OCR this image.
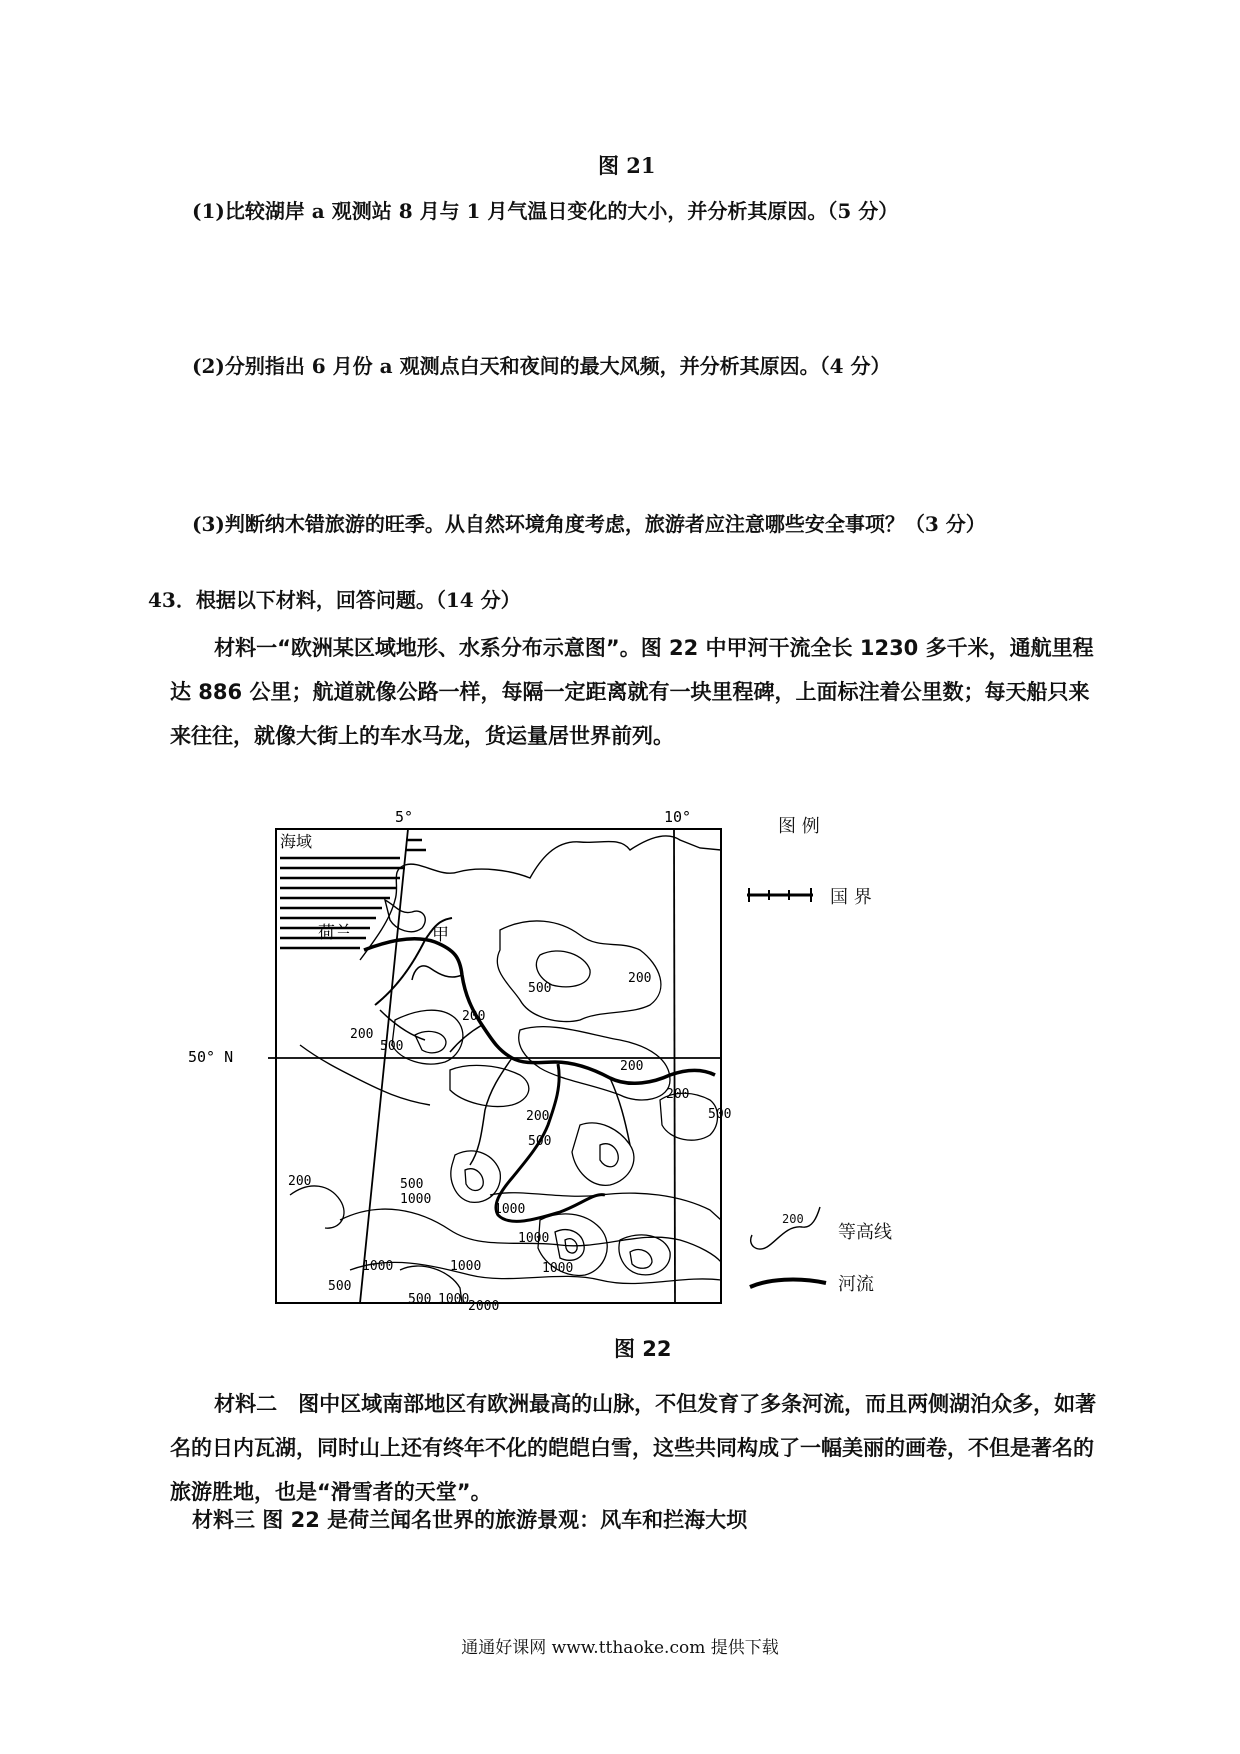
图 21
(1)比较湖岸 a 观测站 8 月与 1 月气温日变化的大小，并分析其原因。（5 分）
(2)分别指出 6 月份 a 观测点白天和夜间的最大风频，并分析其原因。（4 分）
(3)判断纳木错旅游的旺季。从自然环境角度考虑，旅游者应注意哪些安全事项？（3 分）
43．根据以下材料，回答问题。（14 分）
材料一“欧洲某区域地形、水系分布示意图”。图 22 中甲河干流全长 1230 多千米，通航里程达 886 公里；航道就像公路一样，每隔一定距离就有一块里程碑，上面标注着公里数；每天船只来来往往，就像大街上的车水马龙，货运量居世界前列。
海域
荷兰	甲
5°	10°
50° N
200
500
200
200
500
200
500
200
500
200	500
1000
1000
1000
500
1000	1000
500 1000
2000
1000
200
图 例
国 界
200
等高线
河流
图 22
材料二　图中区域南部地区有欧洲最高的山脉，不但发育了多条河流，而且两侧湖泊众多，如著名的日内瓦湖，同时山上还有终年不化的皑皑白雪，这些共同构成了一幅美丽的画卷，不但是著名的旅游胜地，也是“滑雪者的天堂”。
材料三 图 22 是荷兰闻名世界的旅游景观：风车和拦海大坝
通通好课网 www.tthaoke.com 提供下载
